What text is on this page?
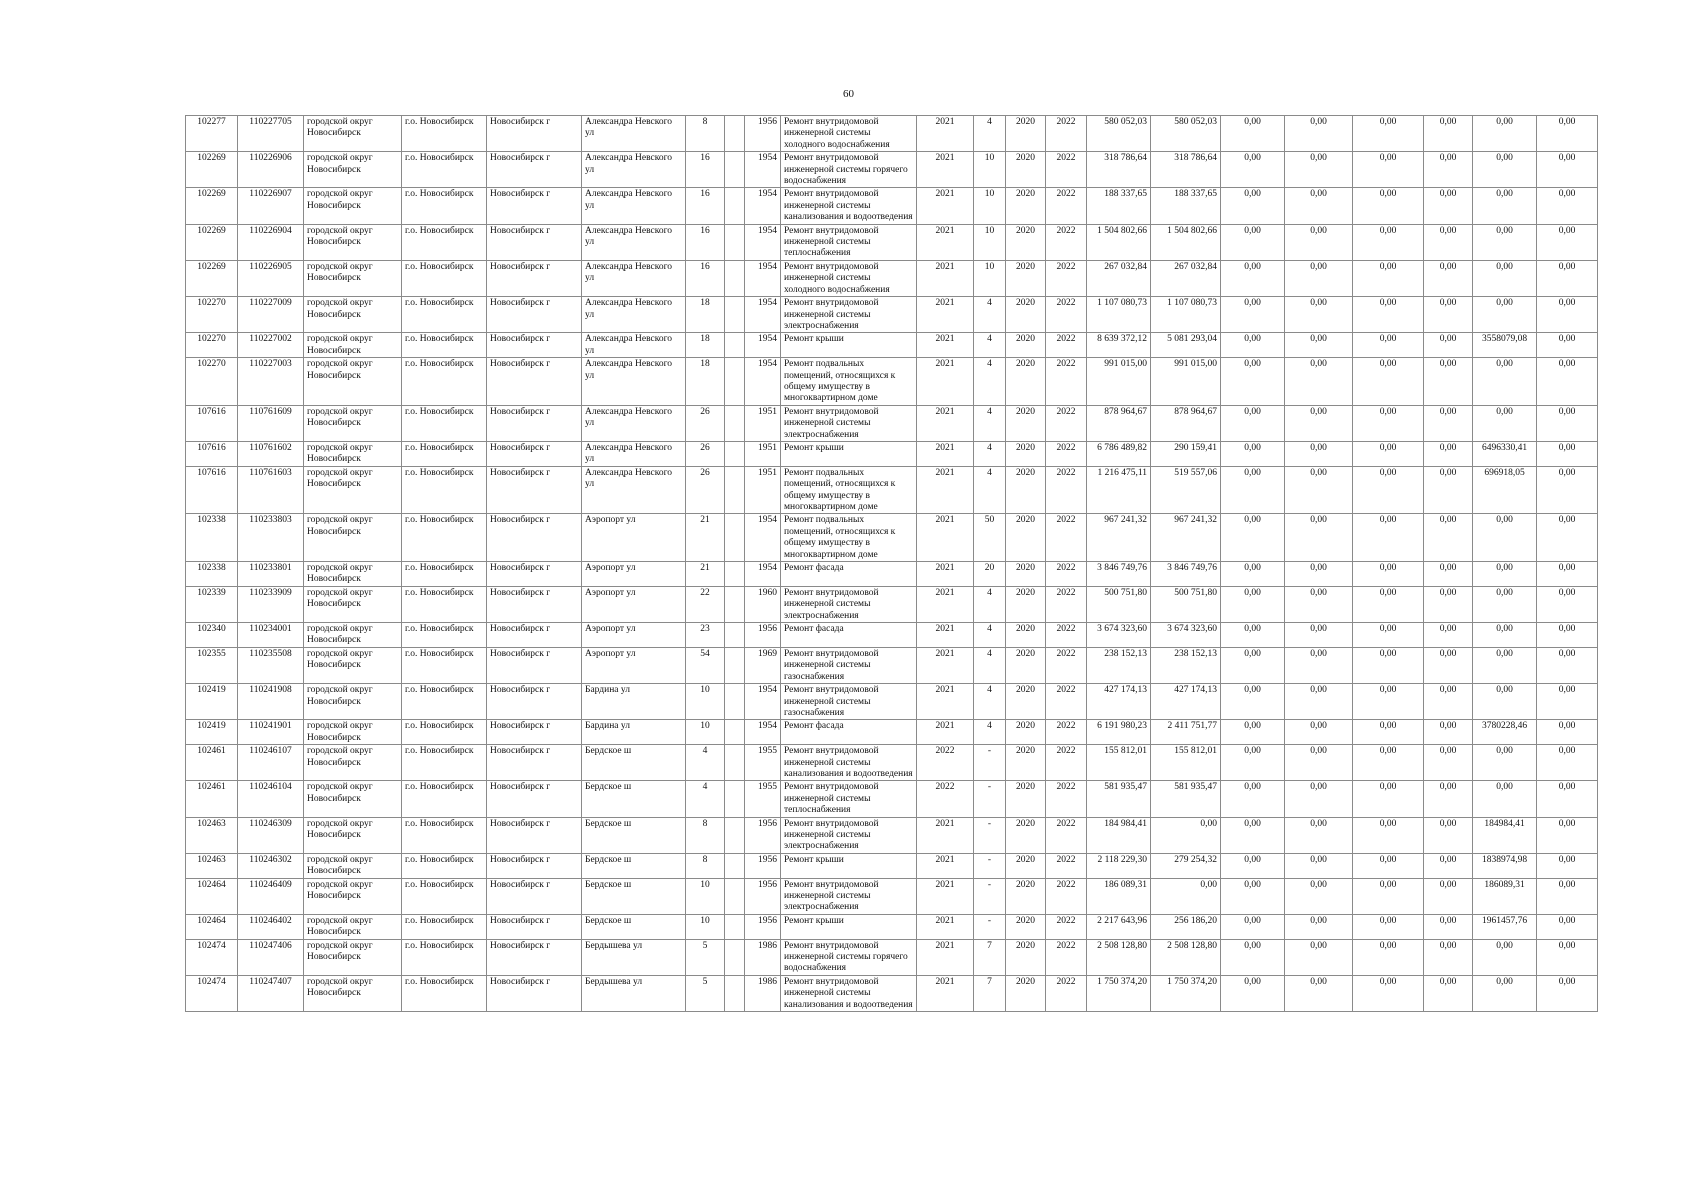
60
102277	110227705	городской округ Новосибирск	г.о. Новосибирск	Новосибирск г	Александра Невского ул	8		1956	Ремонт внутридомовой инженерной системы холодного водоснабжения	2021	4	2020	2022	580 052,03	580 052,03	0,00	0,00	0,00	0,00	0,00	0,00
102269	110226906	городской округ Новосибирск	г.о. Новосибирск	Новосибирск г	Александра Невского ул	16		1954	Ремонт внутридомовой инженерной системы горячего водоснабжения	2021	10	2020	2022	318 786,64	318 786,64	0,00	0,00	0,00	0,00	0,00	0,00
102269	110226907	городской округ Новосибирск	г.о. Новосибирск	Новосибирск г	Александра Невского ул	16		1954	Ремонт внутридомовой инженерной системы канализования и водоотведения	2021	10	2020	2022	188 337,65	188 337,65	0,00	0,00	0,00	0,00	0,00	0,00
102269	110226904	городской округ Новосибирск	г.о. Новосибирск	Новосибирск г	Александра Невского ул	16		1954	Ремонт внутридомовой инженерной системы теплоснабжения	2021	10	2020	2022	1 504 802,66	1 504 802,66	0,00	0,00	0,00	0,00	0,00	0,00
102269	110226905	городской округ Новосибирск	г.о. Новосибирск	Новосибирск г	Александра Невского ул	16		1954	Ремонт внутридомовой инженерной системы холодного водоснабжения	2021	10	2020	2022	267 032,84	267 032,84	0,00	0,00	0,00	0,00	0,00	0,00
102270	110227009	городской округ Новосибирск	г.о. Новосибирск	Новосибирск г	Александра Невского ул	18		1954	Ремонт внутридомовой инженерной системы электроснабжения	2021	4	2020	2022	1 107 080,73	1 107 080,73	0,00	0,00	0,00	0,00	0,00	0,00
102270	110227002	городской округ Новосибирск	г.о. Новосибирск	Новосибирск г	Александра Невского ул	18		1954	Ремонт крыши	2021	4	2020	2022	8 639 372,12	5 081 293,04	0,00	0,00	0,00	0,00	3558079,08	0,00
102270	110227003	городской округ Новосибирск	г.о. Новосибирск	Новосибирск г	Александра Невского ул	18		1954	Ремонт подвальных помещений, относящихся к общему имуществу в многоквартирном доме	2021	4	2020	2022	991 015,00	991 015,00	0,00	0,00	0,00	0,00	0,00	0,00
107616	110761609	городской округ Новосибирск	г.о. Новосибирск	Новосибирск г	Александра Невского ул	26		1951	Ремонт внутридомовой инженерной системы электроснабжения	2021	4	2020	2022	878 964,67	878 964,67	0,00	0,00	0,00	0,00	0,00	0,00
107616	110761602	городской округ Новосибирск	г.о. Новосибирск	Новосибирск г	Александра Невского ул	26		1951	Ремонт крыши	2021	4	2020	2022	6 786 489,82	290 159,41	0,00	0,00	0,00	0,00	6496330,41	0,00
107616	110761603	городской округ Новосибирск	г.о. Новосибирск	Новосибирск г	Александра Невского ул	26		1951	Ремонт подвальных помещений, относящихся к общему имуществу в многоквартирном доме	2021	4	2020	2022	1 216 475,11	519 557,06	0,00	0,00	0,00	0,00	696918,05	0,00
102338	110233803	городской округ Новосибирск	г.о. Новосибирск	Новосибирск г	Аэропорт ул	21		1954	Ремонт подвальных помещений, относящихся к общему имуществу в многоквартирном доме	2021	50	2020	2022	967 241,32	967 241,32	0,00	0,00	0,00	0,00	0,00	0,00
102338	110233801	городской округ Новосибирск	г.о. Новосибирск	Новосибирск г	Аэропорт ул	21		1954	Ремонт фасада	2021	20	2020	2022	3 846 749,76	3 846 749,76	0,00	0,00	0,00	0,00	0,00	0,00
102339	110233909	городской округ Новосибирск	г.о. Новосибирск	Новосибирск г	Аэропорт ул	22		1960	Ремонт внутридомовой инженерной системы электроснабжения	2021	4	2020	2022	500 751,80	500 751,80	0,00	0,00	0,00	0,00	0,00	0,00
102340	110234001	городской округ Новосибирск	г.о. Новосибирск	Новосибирск г	Аэропорт ул	23		1956	Ремонт фасада	2021	4	2020	2022	3 674 323,60	3 674 323,60	0,00	0,00	0,00	0,00	0,00	0,00
102355	110235508	городской округ Новосибирск	г.о. Новосибирск	Новосибирск г	Аэропорт ул	54		1969	Ремонт внутридомовой инженерной системы газоснабжения	2021	4	2020	2022	238 152,13	238 152,13	0,00	0,00	0,00	0,00	0,00	0,00
102419	110241908	городской округ Новосибирск	г.о. Новосибирск	Новосибирск г	Бардина ул	10		1954	Ремонт внутридомовой инженерной системы газоснабжения	2021	4	2020	2022	427 174,13	427 174,13	0,00	0,00	0,00	0,00	0,00	0,00
102419	110241901	городской округ Новосибирск	г.о. Новосибирск	Новосибирск г	Бардина ул	10		1954	Ремонт фасада	2021	4	2020	2022	6 191 980,23	2 411 751,77	0,00	0,00	0,00	0,00	3780228,46	0,00
102461	110246107	городской округ Новосибирск	г.о. Новосибирск	Новосибирск г	Бердское ш	4		1955	Ремонт внутридомовой инженерной системы канализования и водоотведения	2022	-	2020	2022	155 812,01	155 812,01	0,00	0,00	0,00	0,00	0,00	0,00
102461	110246104	городской округ Новосибирск	г.о. Новосибирск	Новосибирск г	Бердское ш	4		1955	Ремонт внутридомовой инженерной системы теплоснабжения	2022	-	2020	2022	581 935,47	581 935,47	0,00	0,00	0,00	0,00	0,00	0,00
102463	110246309	городской округ Новосибирск	г.о. Новосибирск	Новосибирск г	Бердское ш	8		1956	Ремонт внутридомовой инженерной системы электроснабжения	2021	-	2020	2022	184 984,41	0,00	0,00	0,00	0,00	0,00	184984,41	0,00
102463	110246302	городской округ Новосибирск	г.о. Новосибирск	Новосибирск г	Бердское ш	8		1956	Ремонт крыши	2021	-	2020	2022	2 118 229,30	279 254,32	0,00	0,00	0,00	0,00	1838974,98	0,00
102464	110246409	городской округ Новосибирск	г.о. Новосибирск	Новосибирск г	Бердское ш	10		1956	Ремонт внутридомовой инженерной системы электроснабжения	2021	-	2020	2022	186 089,31	0,00	0,00	0,00	0,00	0,00	186089,31	0,00
102464	110246402	городской округ Новосибирск	г.о. Новосибирск	Новосибирск г	Бердское ш	10		1956	Ремонт крыши	2021	-	2020	2022	2 217 643,96	256 186,20	0,00	0,00	0,00	0,00	1961457,76	0,00
102474	110247406	городской округ Новосибирск	г.о. Новосибирск	Новосибирск г	Бердышева ул	5		1986	Ремонт внутридомовой инженерной системы горячего водоснабжения	2021	7	2020	2022	2 508 128,80	2 508 128,80	0,00	0,00	0,00	0,00	0,00	0,00
102474	110247407	городской округ Новосибирск	г.о. Новосибирск	Новосибирск г	Бердышева ул	5		1986	Ремонт внутридомовой инженерной системы канализования и водоотведения	2021	7	2020	2022	1 750 374,20	1 750 374,20	0,00	0,00	0,00	0,00	0,00	0,00
